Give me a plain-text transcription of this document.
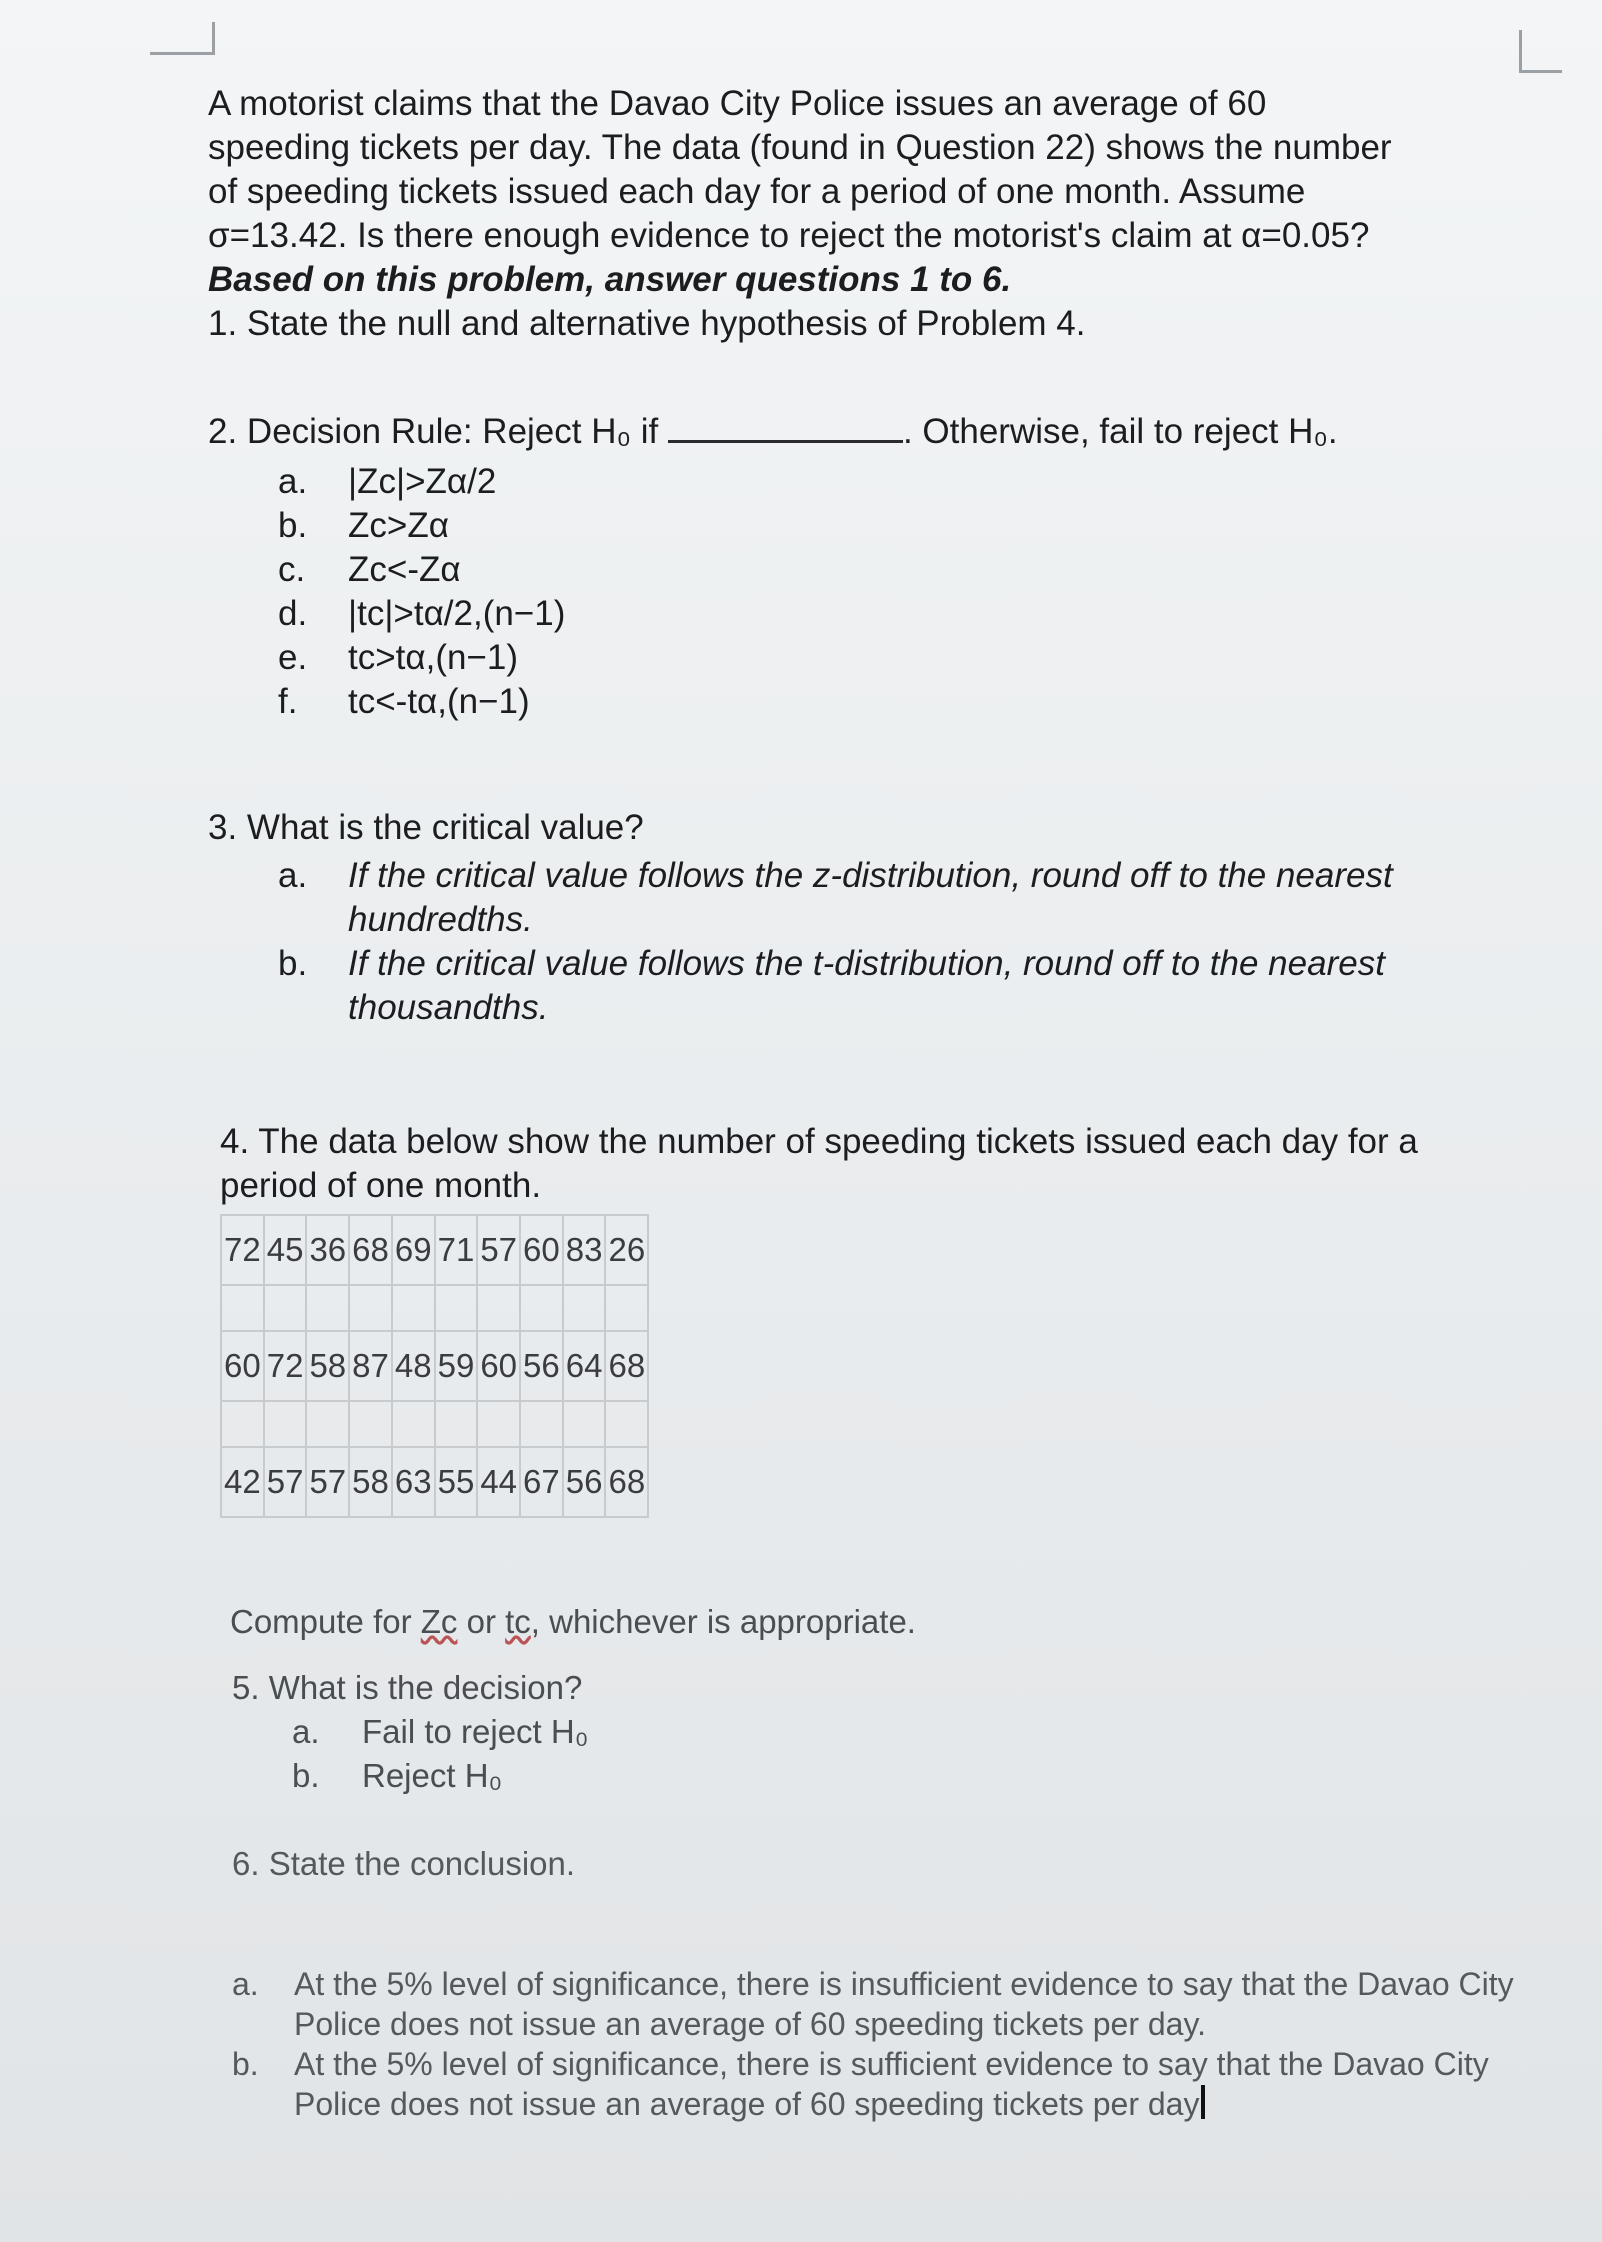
A motorist claims that the Davao City Police issues an average of 60

speeding tickets per day. The data (found in Question 22) shows the number

of speeding tickets issued each day for a period of one month. Assume

σ=13.42. Is there enough evidence to reject the motorist's claim at α=0.05?

Based on this problem, answer questions 1 to 6.

1. State the null and alternative hypothesis of Problem 4.

2. Decision Rule: Reject H₀ if	. Otherwise, fail to reject H₀.

a.	|Zc|>Zα/2
b.	Zc>Zα
c.	Zc<-Zα
d.	|tc|>tα/2,(n−1)
e.	tc>tα,(n−1)
f.	tc<-tα,(n−1)

3. What is the critical value?

a.	If the critical value follows the z-distribution, round off to the nearest hundredths.
b.	If the critical value follows the t-distribution, round off to the nearest thousandths.

4. The data below show the number of speeding tickets issued each day for a period of one month.

72	45	36	68	69	71	57	60	83	26

60	72	58	87	48	59	60	56	64	68

42	57	57	58	63	55	44	67	56	68
Compute for Zc or tc, whichever is appropriate.

5. What is the decision?

a.	Fail to reject H₀
b.	Reject H₀

6. State the conclusion.

a.	At the 5% level of significance, there is insufficient evidence to say that the Davao City Police does not issue an average of 60 speeding tickets per day.
b.	At the 5% level of significance, there is sufficient evidence to say that the Davao City Police does not issue an average of 60 speeding tickets per day
